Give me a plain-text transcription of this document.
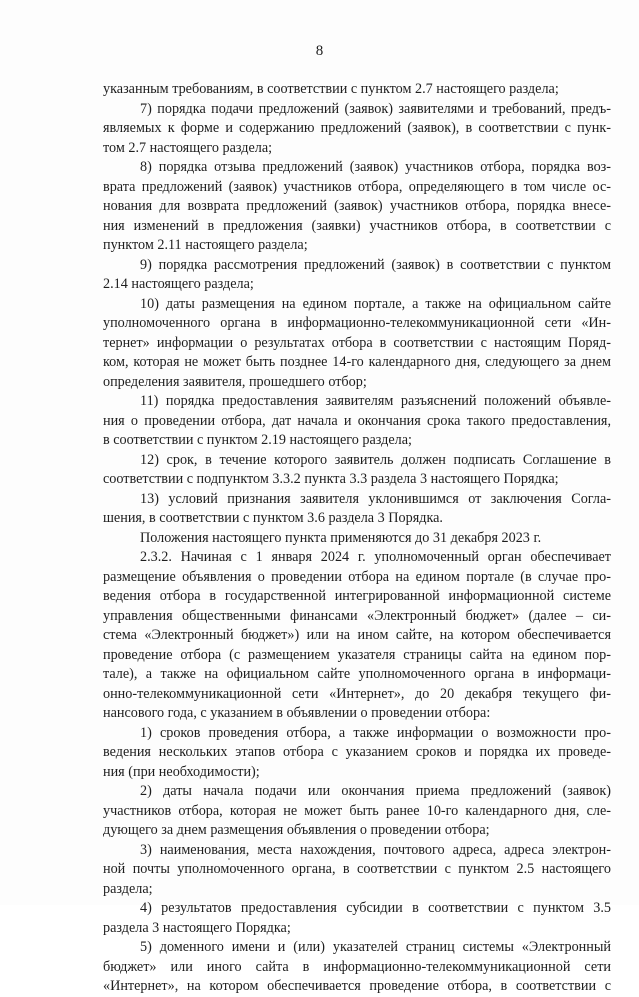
8
указанным требованиям, в соответствии с пунктом 2.7 настоящего раздела;
7) порядка подачи предложений (заявок) заявителями и требований, предъ-
являемых к форме и содержанию предложений (заявок), в соответствии с пунк-
том 2.7 настоящего раздела;
8) порядка отзыва предложений (заявок) участников отбора, порядка воз-
врата предложений (заявок) участников отбора, определяющего в том числе ос-
нования для возврата предложений (заявок) участников отбора, порядка внесе-
ния изменений в предложения (заявки) участников отбора, в соответствии с
пунктом 2.11 настоящего раздела;
9) порядка рассмотрения предложений (заявок) в соответствии с пунктом
2.14 настоящего раздела;
10) даты размещения на едином портале, а также на официальном сайте
уполномоченного органа в информационно-телекоммуникационной сети «Ин-
тернет» информации о результатах отбора в соответствии с настоящим Поряд-
ком, которая не может быть позднее 14-го календарного дня, следующего за днем
определения заявителя, прошедшего отбор;
11) порядка предоставления заявителям разъяснений положений объявле-
ния о проведении отбора, дат начала и окончания срока такого предоставления,
в соответствии с пунктом 2.19 настоящего раздела;
12) срок, в течение которого заявитель должен подписать Соглашение в
соответствии с подпунктом 3.3.2 пункта 3.3 раздела 3 настоящего Порядка;
13) условий признания заявителя уклонившимся от заключения Согла-
шения, в соответствии с пунктом 3.6 раздела 3 Порядка.
Положения настоящего пункта применяются до 31 декабря 2023 г.
2.3.2. Начиная с 1 января 2024 г. уполномоченный орган обеспечивает
размещение объявления о проведении отбора на едином портале (в случае про-
ведения отбора в государственной интегрированной информационной системе
управления общественными финансами «Электронный бюджет» (далее – си-
стема «Электронный бюджет») или на ином сайте, на котором обеспечивается
проведение отбора (с размещением указателя страницы сайта на едином пор-
тале), а также на официальном сайте уполномоченного органа в информаци-
онно-телекоммуникационной сети «Интернет», до 20 декабря текущего фи-
нансового года, с указанием в объявлении о проведении отбора:
1) сроков проведения отбора, а также информации о возможности про-
ведения нескольких этапов отбора с указанием сроков и порядка их проведе-
ния (при необходимости);
2) даты начала подачи или окончания приема предложений (заявок)
участников отбора, которая не может быть ранее 10-го календарного дня, сле-
дующего за днем размещения объявления о проведении отбора;
3) наименования, места нахождения, почтового адреса, адреса электрон-
ной почты уполномоченного органа, в соответствии с пунктом 2.5 настоящего
раздела;
4) результатов предоставления субсидии в соответствии с пунктом 3.5
раздела 3 настоящего Порядка;
5) доменного имени и (или) указателей страниц системы «Электронный
бюджет» или иного сайта в информационно-телекоммуникационной сети
«Интернет», на котором обеспечивается проведение отбора, в соответствии с
